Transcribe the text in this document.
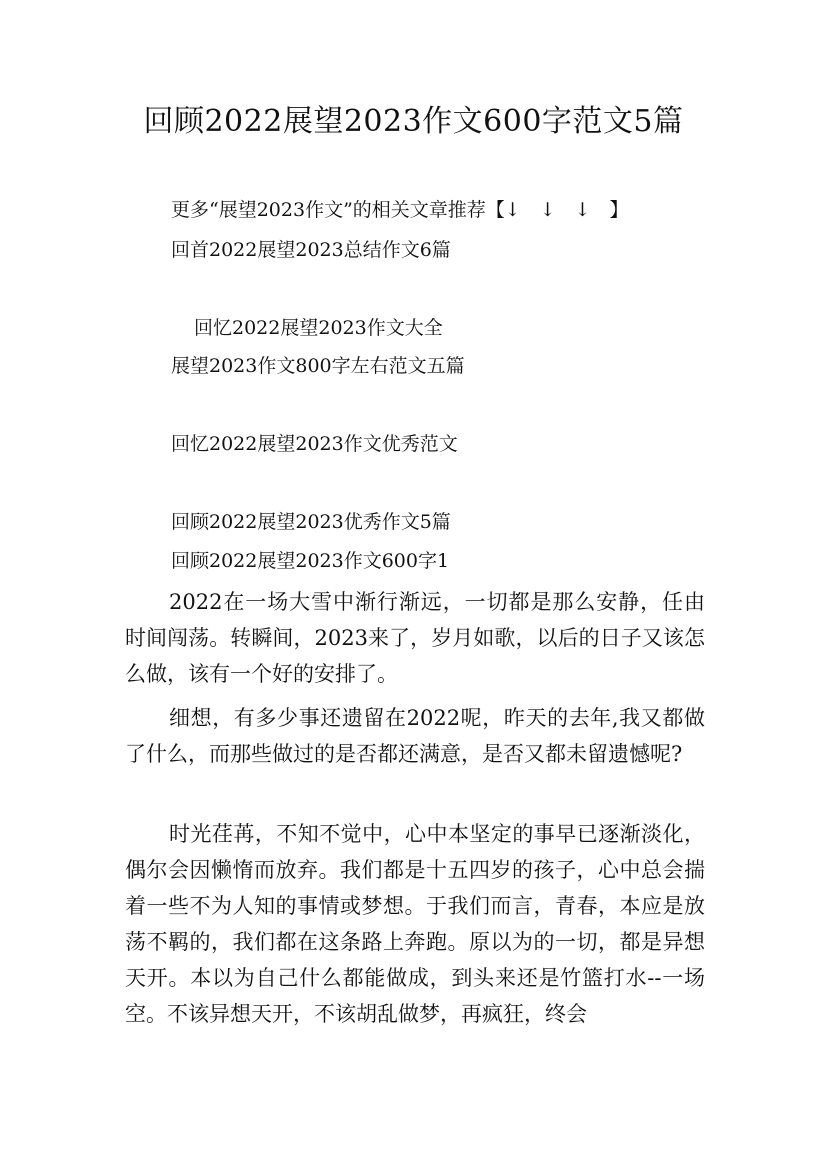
回顾2022展望2023作文600字范文5篇
更多“展望2023作文”的相关文章推荐【↓　↓　↓　】
回首2022展望2023总结作文6篇
回忆2022展望2023作文大全
展望2023作文800字左右范文五篇
回忆2022展望2023作文优秀范文
回顾2022展望2023优秀作文5篇
回顾2022展望2023作文600字1

2022在一场大雪中渐行渐远，一切都是那么安静，任由时间闯荡。转瞬间，2023来了，岁月如歌，以后的日子又该怎么做，该有一个好的安排了。

细想，有多少事还遗留在2022呢，昨天的去年,我又都做了什么，而那些做过的是否都还满意，是否又都未留遗憾呢?

时光荏苒，不知不觉中，心中本坚定的事早已逐渐淡化，偶尔会因懒惰而放弃。我们都是十五四岁的孩子，心中总会揣着一些不为人知的事情或梦想。于我们而言，青春，本应是放荡不羁的，我们都在这条路上奔跑。原以为的一切，都是异想天开。本以为自己什么都能做成，到头来还是竹篮打水--一场空。不该异想天开，不该胡乱做梦，再疯狂，终会
